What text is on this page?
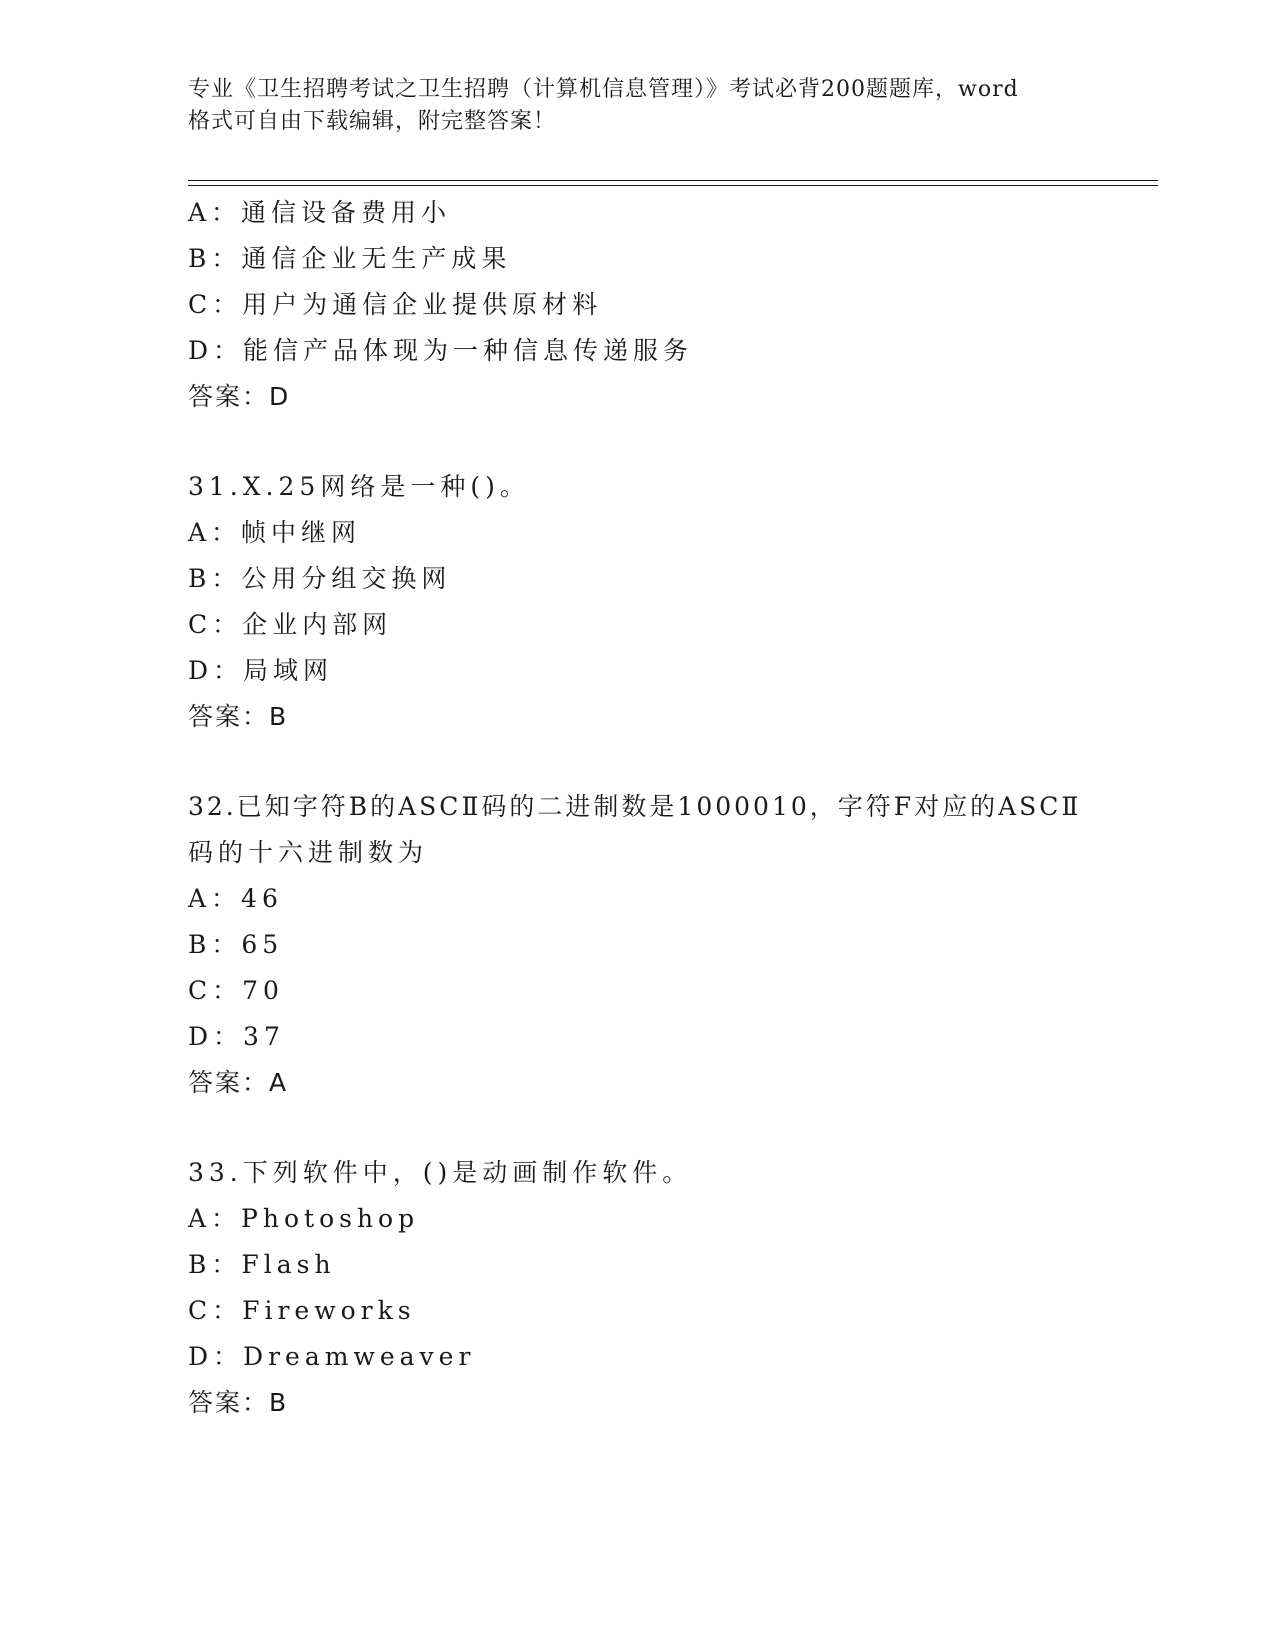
专业《卫生招聘考试之卫生招聘（计算机信息管理）》考试必背200题题库，word
格式可自由下载编辑，附完整答案！
A：通信设备费用小
B：通信企业无生产成果
C：用户为通信企业提供原材料
D：能信产品体现为一种信息传递服务
答案：D
31.X.25网络是一种()。
A：帧中继网
B：公用分组交换网
C：企业内部网
D：局域网
答案：B
32.已知字符B的ASCⅡ码的二进制数是1000010，字符F对应的ASCⅡ
码的十六进制数为
A：46
B：65
C：70
D：37
答案：A
33.下列软件中，()是动画制作软件。
A：Photoshop
B：Flash
C：Fireworks
D：Dreamweaver
答案：B
